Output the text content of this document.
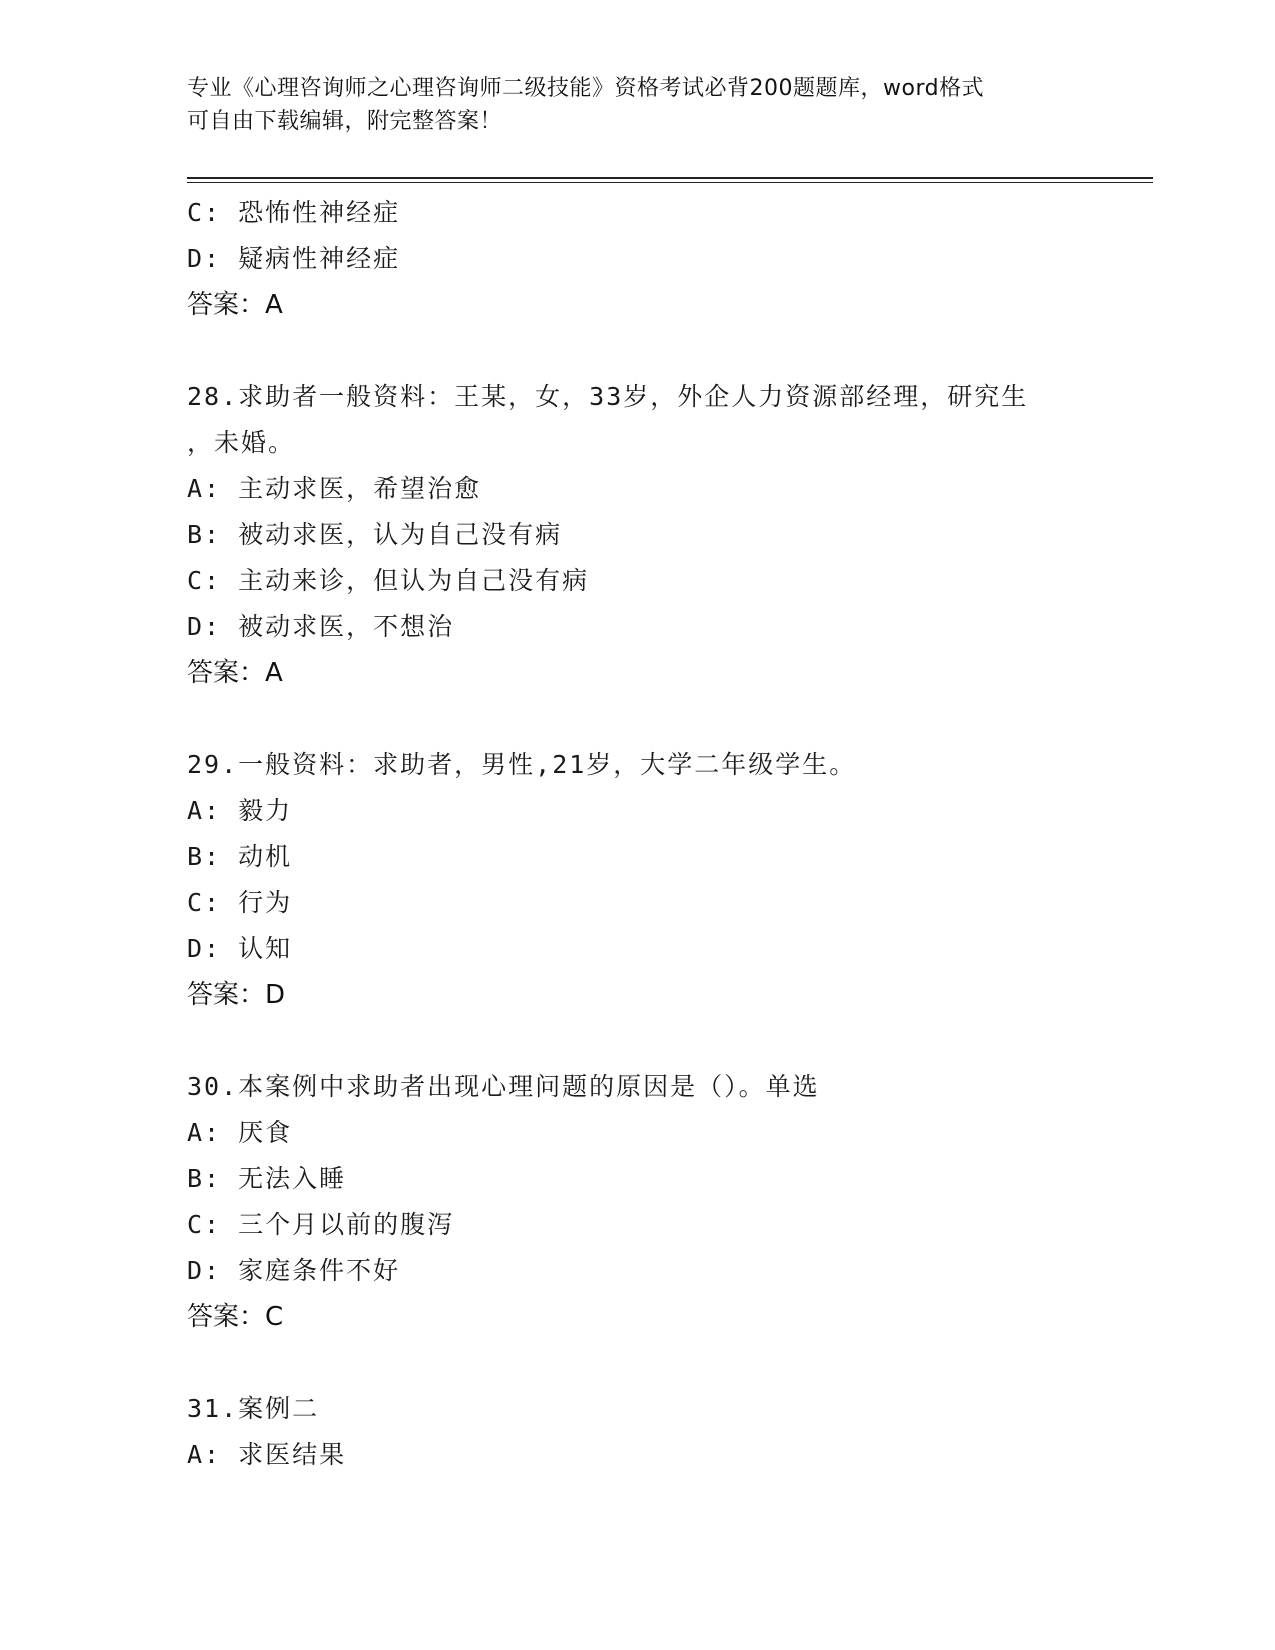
专业《心理咨询师之心理咨询师二级技能》资格考试必背200题题库，word格式
可自由下载编辑，附完整答案！
C: 恐怖性神经症
D: 疑病性神经症
答案：A
28.求助者一般资料：王某，女，33岁，外企人力资源部经理，研究生
，未婚。
A: 主动求医，希望治愈
B: 被动求医，认为自己没有病
C: 主动来诊，但认为自己没有病
D: 被动求医，不想治
答案：A
29.一般资料：求助者，男性,21岁，大学二年级学生。
A: 毅力
B: 动机
C: 行为
D: 认知
答案：D
30.本案例中求助者出现心理问题的原因是（）。单选
A: 厌食
B: 无法入睡
C: 三个月以前的腹泻
D: 家庭条件不好
答案：C
31.案例二
A: 求医结果
